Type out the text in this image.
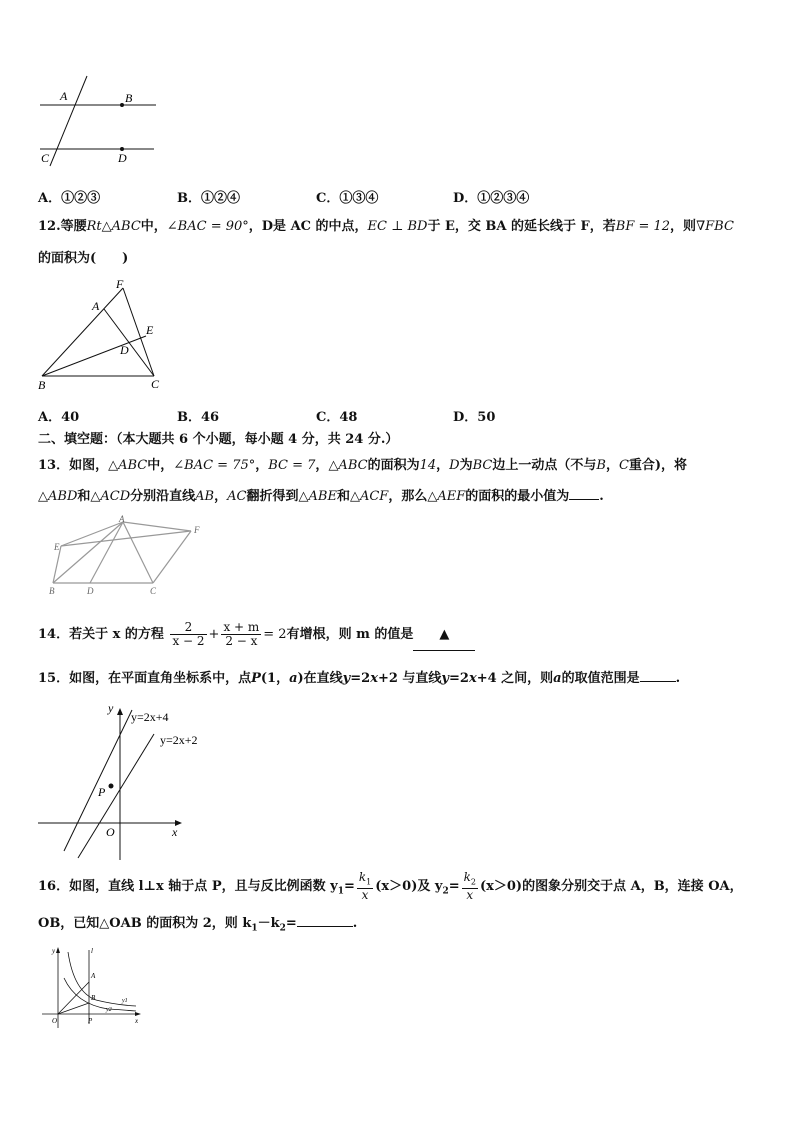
A	B
C	D
A．①②③	B．①②④	C．①③④	D．①②③④
12.等腰Rt△ABC中，∠BAC = 90°，D是 AC 的中点，EC ⊥ BD于 E，交 BA 的延长线于 F，若BF = 12，则∇FBC
的面积为(　　)
F
A
E
D
B	C
A．40	B．46	C．48	D．50
二、填空题：（本大题共 6 个小题，每小题 4 分，共 24 分.）
13．如图，△ABC中，∠BAC = 75°，BC = 7，△ABC的面积为14，D为BC边上一动点（不与B，C重合)，将
△ABD和△ACD分别沿直线AB，AC翻折得到△ABE和△ACF，那么△AEF的面积的最小值为 .
A
E
F
B	D	C
14．若关于 x 的方程 $\frac{2}{x - 2} + \frac{x + m}{2 - x} = 2$有增根，则 m 的值是 ▲
15．如图，在平面直角坐标系中，点P(1，a)在直线y=2x+2 与直线y=2x+4 之间，则a的取值范围是	.
y
x
O
P
y=2x+4
y=2x+2
16．如图，直线 l⊥x 轴于点 P，且与反比例函数 $y_1= \frac{k_1}{x} (x>0)$及 $y_2= \frac{k_2}{x} (x>0)$的图象分别交于点 A，B，连接 OA，
OB，已知△OAB 的面积为 2，则 $k_1-k_2=$	.
y	l
A
B	y1
y2
O	P	x
